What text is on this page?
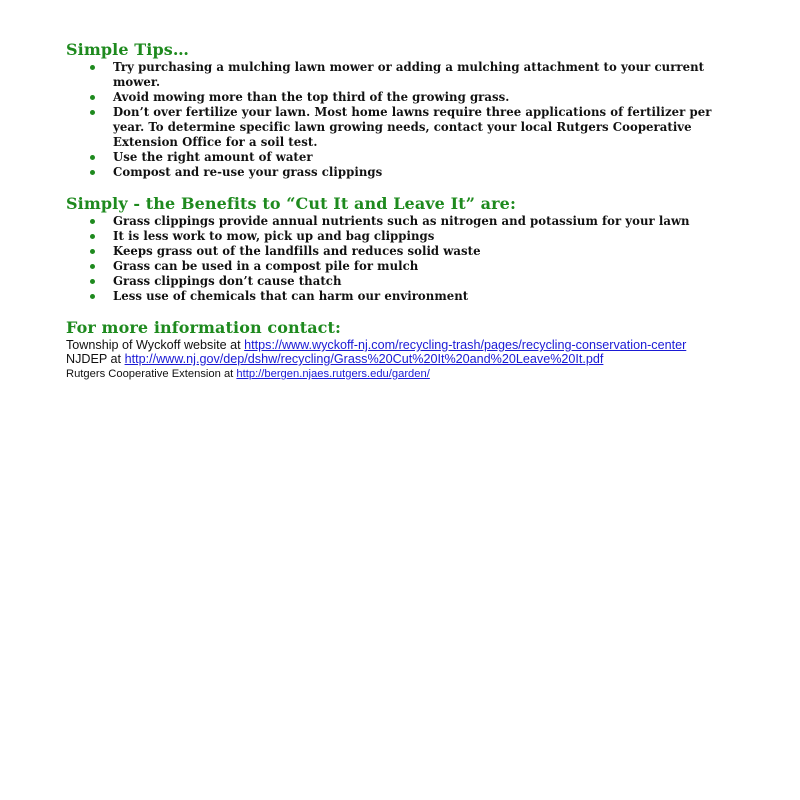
Simple Tips…
Try purchasing a mulching lawn mower or adding a mulching attachment to your current mower.
Avoid mowing more than the top third of the growing grass.
Don’t over fertilize your lawn. Most home lawns require three applications of fertilizer per year. To determine specific lawn growing needs, contact your local Rutgers Cooperative Extension Office for a soil test.
Use the right amount of water
Compost and re-use your grass clippings
Simply - the Benefits to “Cut It and Leave It” are:
Grass clippings provide annual nutrients such as nitrogen and potassium for your lawn
It is less work to mow, pick up and bag clippings
Keeps grass out of the landfills and reduces solid waste
Grass can be used in a compost pile for mulch
Grass clippings don’t cause thatch
Less use of chemicals that can harm our environment
For more information contact:

Township of Wyckoff website at https://www.wyckoff-nj.com/recycling-trash/pages/recycling-conservation-center

NJDEP at http://www.nj.gov/dep/dshw/recycling/Grass%20Cut%20It%20and%20Leave%20It.pdf

Rutgers Cooperative Extension at http://bergen.njaes.rutgers.edu/garden/
